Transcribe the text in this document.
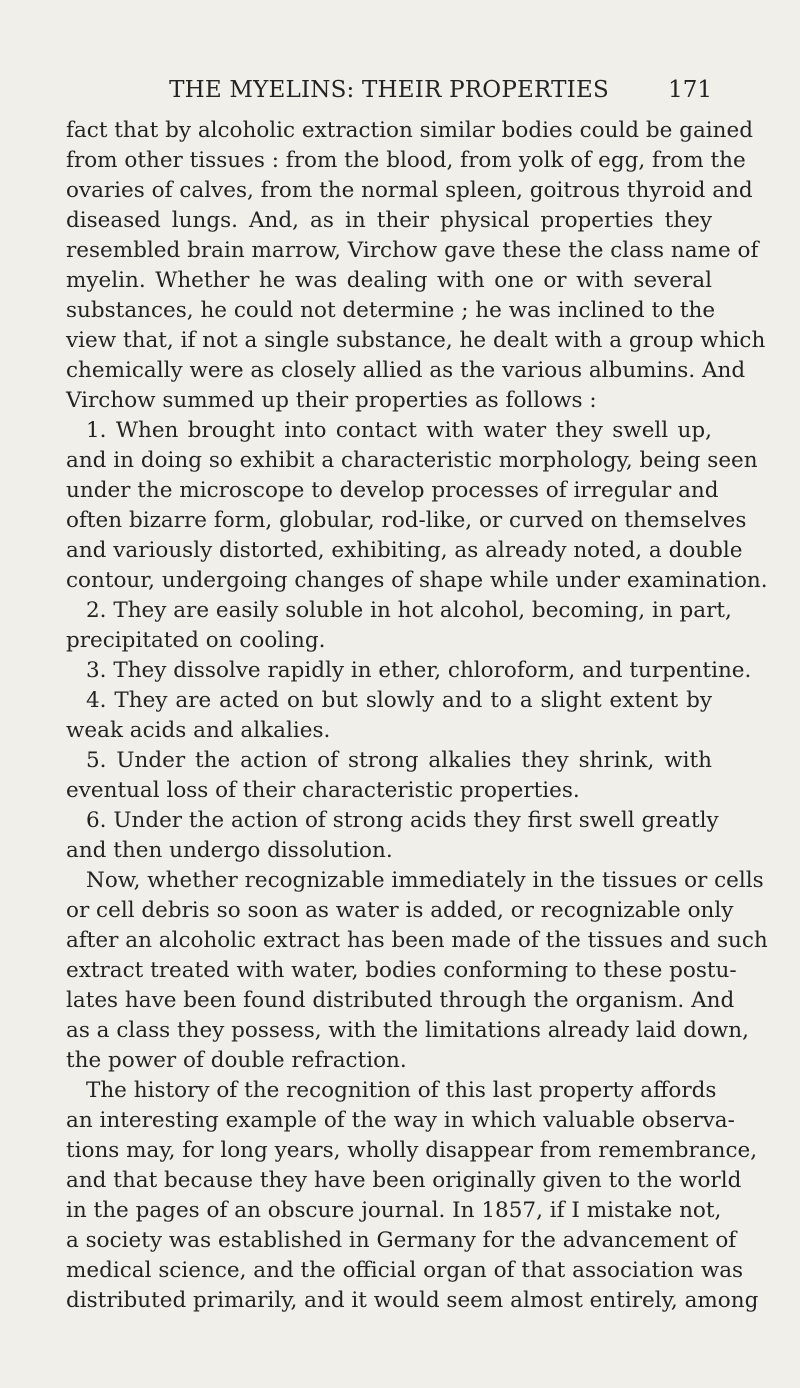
THE MYELINS: THEIR PROPERTIES	171
fact that by alcoholic extraction similar bodies could be gained
from other tissues : from the blood, from yolk of egg, from the
ovaries of calves, from the normal spleen, goitrous thyroid and
diseased lungs. And, as in their physical properties they
resembled brain marrow, Virchow gave these the class name of
myelin. Whether he was dealing with one or with several
substances, he could not determine ; he was inclined to the
view that, if not a single substance, he dealt with a group which
chemically were as closely allied as the various albumins. And
Virchow summed up their properties as follows :
1. When brought into contact with water they swell up,
and in doing so exhibit a characteristic morphology, being seen
under the microscope to develop processes of irregular and
often bizarre form, globular, rod-like, or curved on themselves
and variously distorted, exhibiting, as already noted, a double
contour, undergoing changes of shape while under examination.
2. They are easily soluble in hot alcohol, becoming, in part,
precipitated on cooling.
3. They dissolve rapidly in ether, chloroform, and turpentine.
4. They are acted on but slowly and to a slight extent by
weak acids and alkalies.
5. Under the action of strong alkalies they shrink, with
eventual loss of their characteristic properties.
6. Under the action of strong acids they first swell greatly
and then undergo dissolution.
Now, whether recognizable immediately in the tissues or cells
or cell debris so soon as water is added, or recognizable only
after an alcoholic extract has been made of the tissues and such
extract treated with water, bodies conforming to these postu-
lates have been found distributed through the organism. And
as a class they possess, with the limitations already laid down,
the power of double refraction.
The history of the recognition of this last property affords
an interesting example of the way in which valuable observa-
tions may, for long years, wholly disappear from remembrance,
and that because they have been originally given to the world
in the pages of an obscure journal. In 1857, if I mistake not,
a society was established in Germany for the advancement of
medical science, and the official organ of that association was
distributed primarily, and it would seem almost entirely, among
